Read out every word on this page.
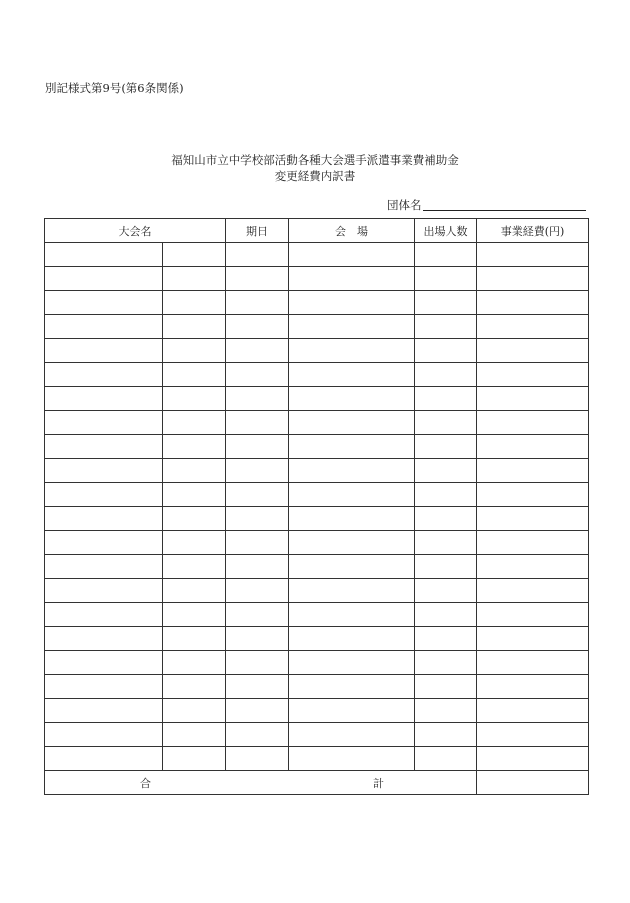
別記様式第9号(第6条関係)
福知山市立中学校部活動各種大会選手派遣事業費補助金
変更経費内訳書
団体名
大会名		期日	会　場	出場人数	事業経費(円)

合 計					
